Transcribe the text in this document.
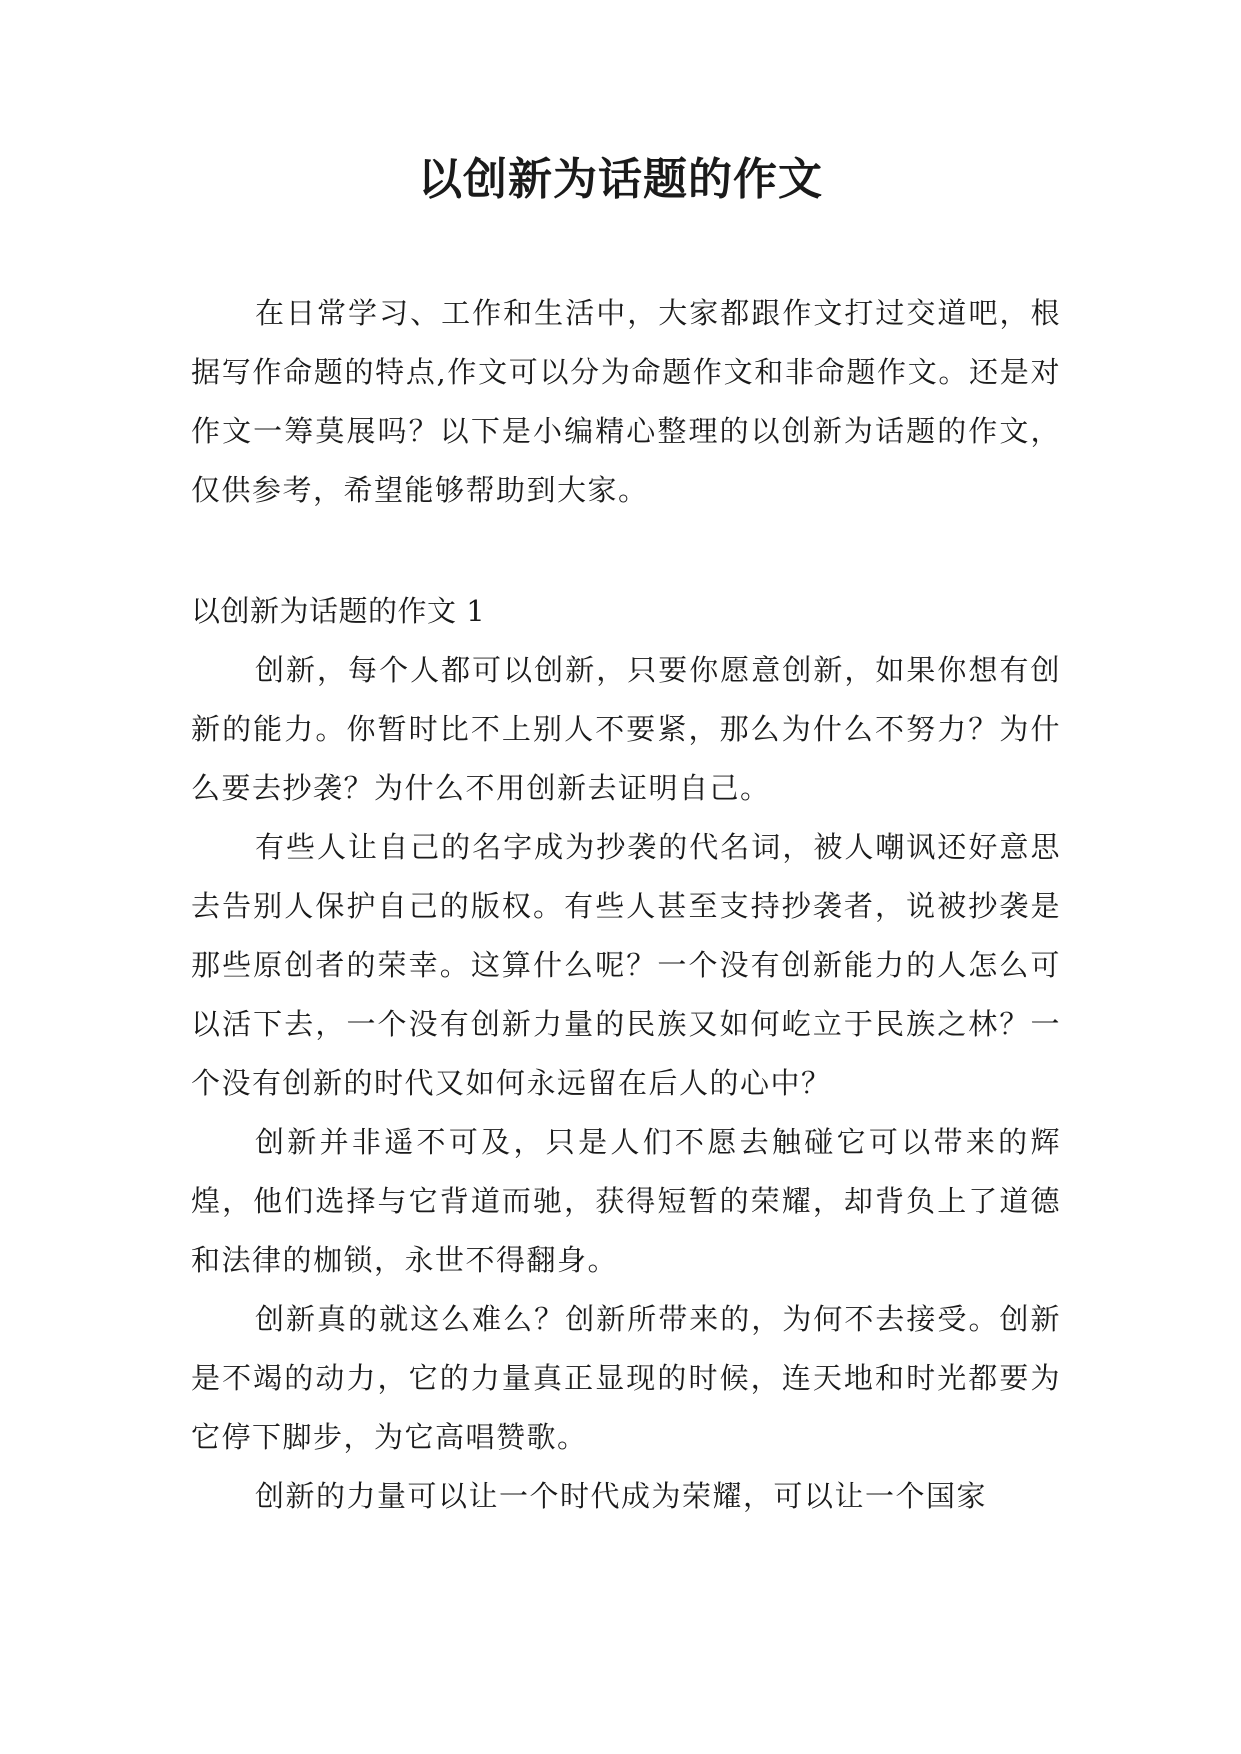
以创新为话题的作文

在日常学习、工作和生活中，大家都跟作文打过交道吧，根据写作命题的特点,作文可以分为命题作文和非命题作文。还是对作文一筹莫展吗？以下是小编精心整理的以创新为话题的作文，仅供参考，希望能够帮助到大家。

以创新为话题的作文 1

创新，每个人都可以创新，只要你愿意创新，如果你想有创新的能力。你暂时比不上别人不要紧，那么为什么不努力？为什么要去抄袭？为什么不用创新去证明自己。

有些人让自己的名字成为抄袭的代名词，被人嘲讽还好意思去告别人保护自己的版权。有些人甚至支持抄袭者，说被抄袭是那些原创者的荣幸。这算什么呢？一个没有创新能力的人怎么可以活下去，一个没有创新力量的民族又如何屹立于民族之林？一个没有创新的时代又如何永远留在后人的心中？

创新并非遥不可及，只是人们不愿去触碰它可以带来的辉煌，他们选择与它背道而驰，获得短暂的荣耀，却背负上了道德和法律的枷锁，永世不得翻身。

创新真的就这么难么？创新所带来的，为何不去接受。创新是不竭的动力，它的力量真正显现的时候，连天地和时光都要为它停下脚步，为它高唱赞歌。

创新的力量可以让一个时代成为荣耀，可以让一个国家
